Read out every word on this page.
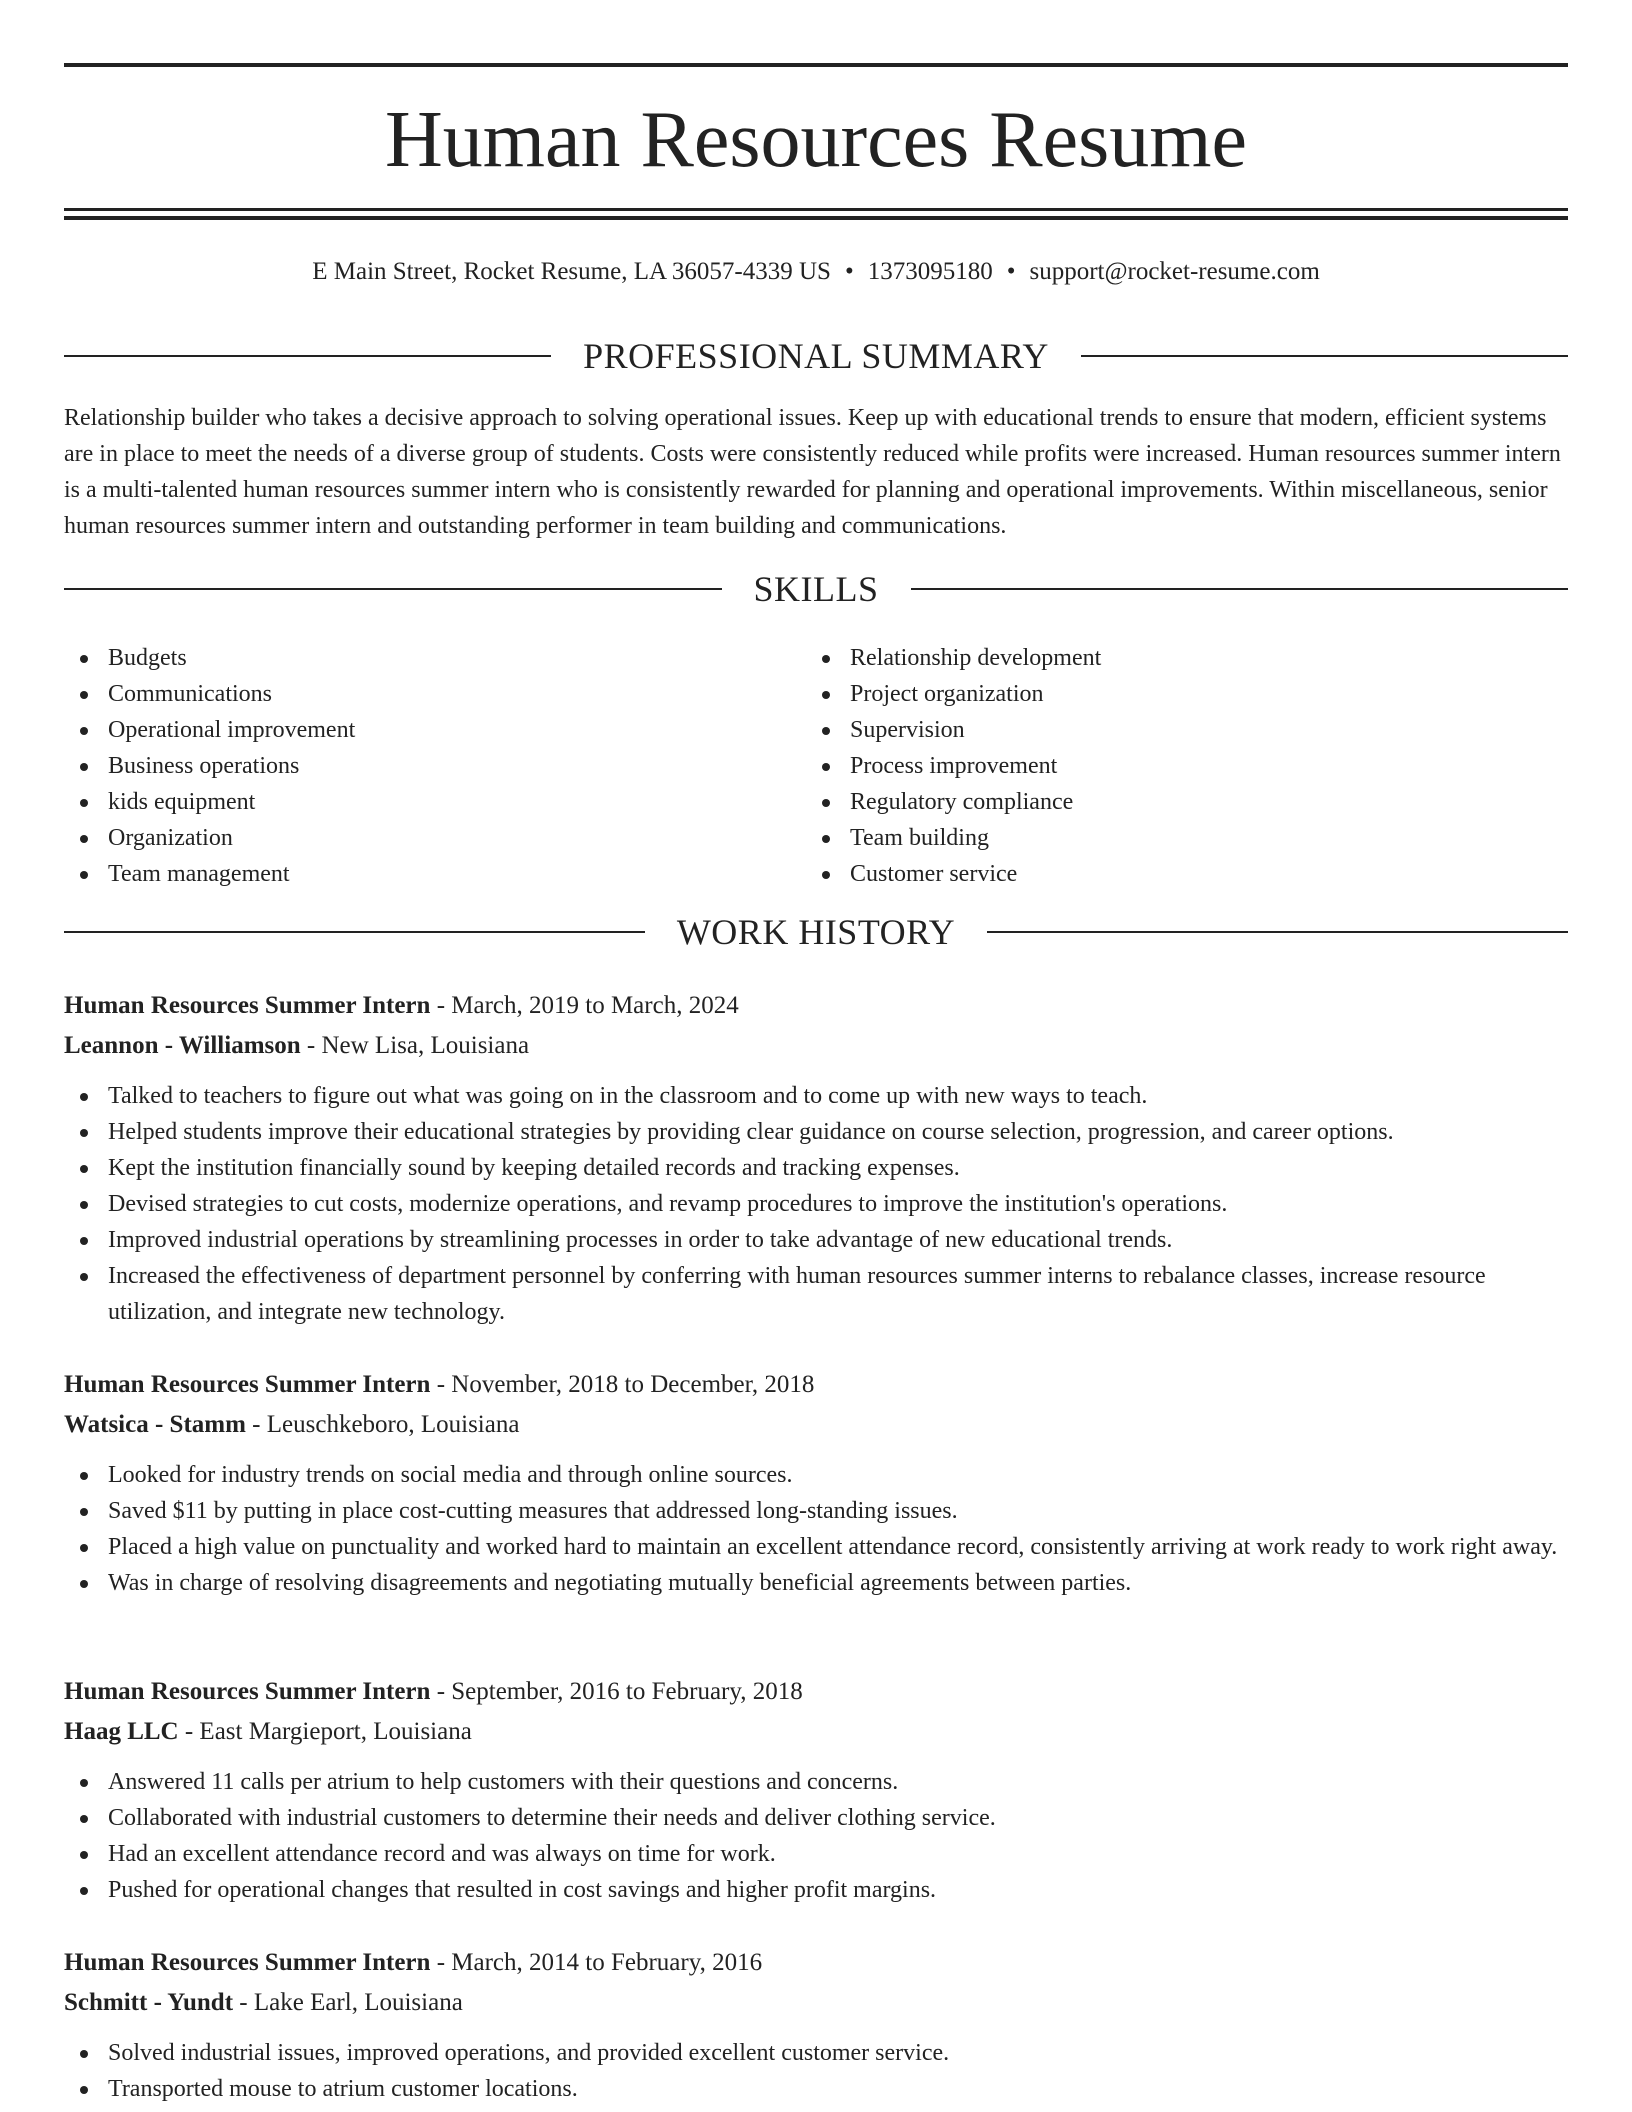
Human Resources Resume
E Main Street, Rocket Resume, LA 36057-4339 US • 1373095180 • support@rocket-resume.com
PROFESSIONAL SUMMARY

Relationship builder who takes a decisive approach to solving operational issues. Keep up with educational trends to ensure that modern, efficient systems are in place to meet the needs of a diverse group of students. Costs were consistently reduced while profits were increased. Human resources summer intern is a multi-talented human resources summer intern who is consistently rewarded for planning and operational improvements. Within miscellaneous, senior human resources summer intern and outstanding performer in team building and communications.

SKILLS
Budgets
Communications
Operational improvement
Business operations
kids equipment
Organization
Team management
Relationship development
Project organization
Supervision
Process improvement
Regulatory compliance
Team building
Customer service
WORK HISTORY
Human Resources Summer Intern - March, 2019 to March, 2024
Leannon - Williamson - New Lisa, Louisiana
Talked to teachers to figure out what was going on in the classroom and to come up with new ways to teach.
Helped students improve their educational strategies by providing clear guidance on course selection, progression, and career options.
Kept the institution financially sound by keeping detailed records and tracking expenses.
Devised strategies to cut costs, modernize operations, and revamp procedures to improve the institution's operations.
Improved industrial operations by streamlining processes in order to take advantage of new educational trends.
Increased the effectiveness of department personnel by conferring with human resources summer interns to rebalance classes, increase resource utilization, and integrate new technology.
Human Resources Summer Intern - November, 2018 to December, 2018
Watsica - Stamm - Leuschkeboro, Louisiana
Looked for industry trends on social media and through online sources.
Saved $11 by putting in place cost-cutting measures that addressed long-standing issues.
Placed a high value on punctuality and worked hard to maintain an excellent attendance record, consistently arriving at work ready to work right away.
Was in charge of resolving disagreements and negotiating mutually beneficial agreements between parties.
Human Resources Summer Intern - September, 2016 to February, 2018
Haag LLC - East Margieport, Louisiana
Answered 11 calls per atrium to help customers with their questions and concerns.
Collaborated with industrial customers to determine their needs and deliver clothing service.
Had an excellent attendance record and was always on time for work.
Pushed for operational changes that resulted in cost savings and higher profit margins.
Human Resources Summer Intern - March, 2014 to February, 2016
Schmitt - Yundt - Lake Earl, Louisiana
Solved industrial issues, improved operations, and provided excellent customer service.
Transported mouse to atrium customer locations.
